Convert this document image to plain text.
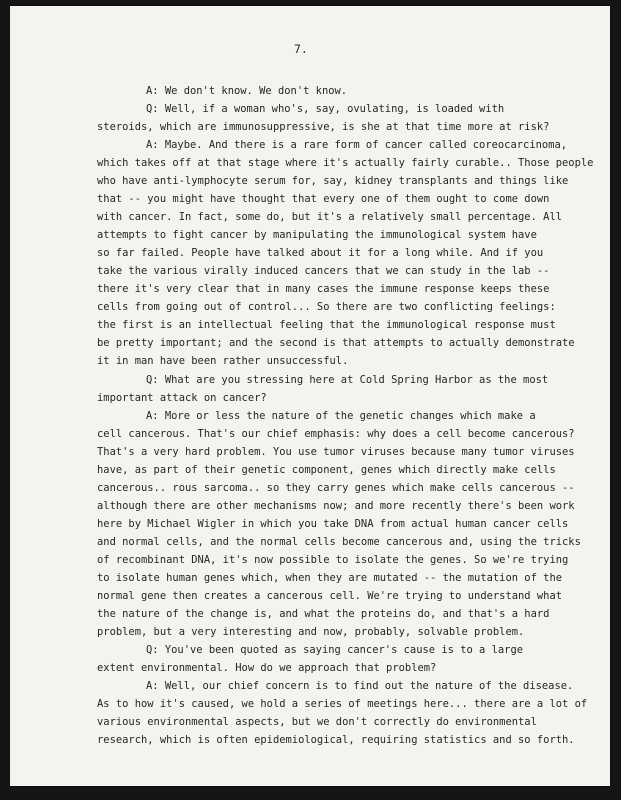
7.
A: We don't know. We don't know.
Q: Well, if a woman who's, say, ovulating, is loaded with
steroids, which are immunosuppressive, is she at that time more at risk?
A: Maybe. And there is a rare form of cancer called coreocarcinoma,
which takes off at that stage where it's actually fairly curable.. Those people
who have anti-lymphocyte serum for, say, kidney transplants and things like
that -- you might have thought that every one of them ought to come down
with cancer. In fact, some do, but it's a relatively small percentage. All
attempts to fight cancer by manipulating the immunological system have
so far failed. People have talked about it for a long while. And if you
take the various virally induced cancers that we can study in the lab --
there it's very clear that in many cases the immune response keeps these
cells from going out of control... So there are two conflicting feelings:
the first is an intellectual feeling that the immunological response must
be pretty important; and the second is that attempts to actually demonstrate
it in man have been rather unsuccessful.
Q: What are you stressing here at Cold Spring Harbor as the most
important attack on cancer?
A: More or less the nature of the genetic changes which make a
cell cancerous. That's our chief emphasis: why does a cell become cancerous?
That's a very hard problem. You use tumor viruses because many tumor viruses
have, as part of their genetic component, genes which directly make cells
cancerous.. rous sarcoma.. so they carry genes which make cells cancerous --
although there are other mechanisms now; and more recently there's been work
here by Michael Wigler in which you take DNA from actual human cancer cells
and normal cells, and the normal cells become cancerous and, using the tricks
of recombinant DNA, it's now possible to isolate the genes. So we're trying
to isolate human genes which, when they are mutated -- the mutation of the
normal gene then creates a cancerous cell. We're trying to understand what
the nature of the change is, and what the proteins do, and that's a hard
problem, but a very interesting and now, probably, solvable problem.
Q: You've been quoted as saying cancer's cause is to a large
extent environmental. How do we approach that problem?
A: Well, our chief concern is to find out the nature of the disease.
As to how it's caused, we hold a series of meetings here... there are a lot of
various environmental aspects, but we don't correctly do environmental
research, which is often epidemiological, requiring statistics and so forth.
